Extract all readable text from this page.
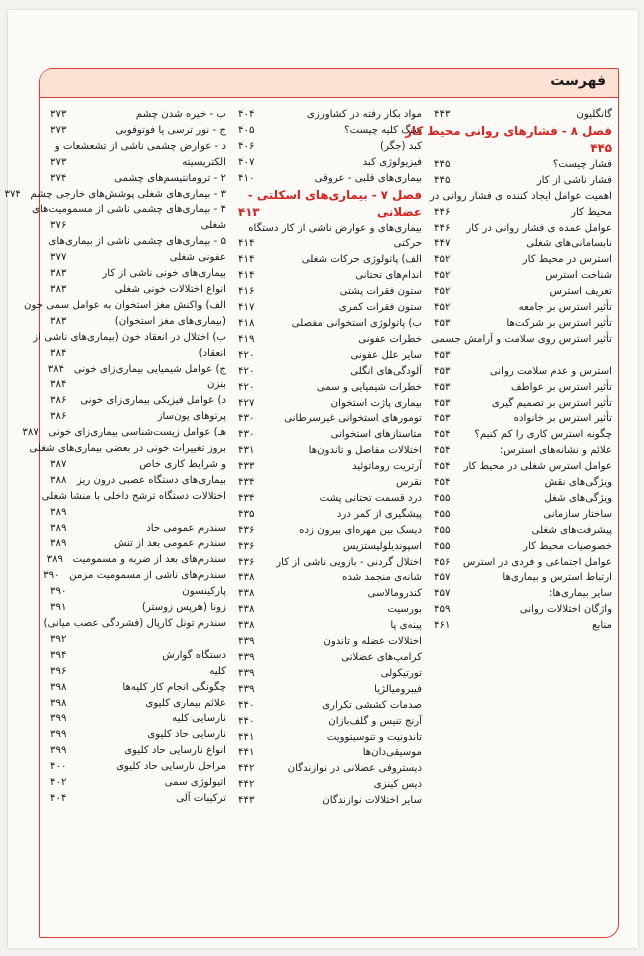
فهرست
ب - خیره شدن چشم
۳۷۳
ج - نور ترسی یا فوتوفوبی
۳۷۳
د - عوارض چشمی ناشی از تشعشعات و
الکتریسیته
۳۷۳
۲ - ترومانتیسم‌های چشمی
۳۷۴
۳ - بیماری‌های شغلی پوشش‌های خارجی چشم
۳۷۴
۴ - بیماری‌های چشمی ناشی از مسمومیت‌های
شغلی
۳۷۶
۵ - بیماری‌های چشمی ناشی از بیماری‌های
عفونی شغلی
۳۷۷
بیماری‌های خونی ناشی از کار
۳۸۳
انواع اختلالات خونی شغلی
۳۸۳
الف) واکنش مغز استخوان به عوامل سمی خون
(بیماری‌های مغز استخوان)
۳۸۳
ب) اختلال در انعقاد خون (بیماری‌های ناشی از
انعقاد)
۳۸۴
ج) عوامل شیمیایی بیماری‌زای خونی
۳۸۴
بنزن
۳۸۴
د) عوامل فیزیکی بیماری‌زای خونی
۳۸۶
پرتوهای یون‌ساز
۳۸۶
هـ) عوامل زیست‌شناسی بیماری‌زای خونی
۳۸۷
بروز تغییرات خونی در بعضی بیماری‌های شغلی
و شرایط کاری خاص
۳۸۷
بیماری‌های دستگاه عصبی درون ریز
۳۸۸
اختلالات دستگاه ترشح داخلی با منشا شغلی
۳۸۹
سندرم عمومی حاد
۳۸۹
سندرم عمومی بعد از تنش
۳۸۹
سندرم‌های بعد از ضربه و مسمومیت
۳۸۹
سندرم‌های ناشی از مسمومیت مزمن
۳۹۰
پارکینسون
۳۹۰
زونا (هرپس زوستر)
۳۹۱
سندرم تونل کارپال (فشردگی عصب میانی)
۳۹۲
دستگاه گوارش
۳۹۴
کلیه
۳۹۶
چگونگی انجام کار کلیه‌ها
۳۹۸
علائم بیماری کلیوی
۳۹۸
نارسایی کلیه
۳۹۹
نارسایی حاد کلیوی
۳۹۹
انواع نارسایی حاد کلیوی
۳۹۹
مراحل نارسایی حاد کلیوی
۴۰۰
اتیولوژی سمی
۴۰۲
ترکیبات آلی
۴۰۴
مواد بکار رفته در کشاورزی
۴۰۴
سنگ کلیه چیست؟
۴۰۵
کبد (جگر)
۴۰۶
فیزیولوژی کبد
۴۰۷
بیماری‌های قلبی - عروقی
۴۱۰
فصل ۷ - بیماری‌های اسکلتی -
عضلانی
۴۱۳
بیماری‌های و عوارض ناشی از کار دستگاه
حرکتی
۴۱۴
الف) پاتولوژی حرکات شغلی
۴۱۴
اندام‌های تحتانی
۴۱۴
ستون فقرات پشتی
۴۱۶
ستون فقرات کمری
۴۱۷
ب) پاتولوژی استخوانی مفصلی
۴۱۸
خطرات عفونی
۴۱۹
سایر علل عفونی
۴۲۰
آلودگی‌های انگلی
۴۲۰
خطرات شیمیایی و سمی
۴۲۰
بیماری پاژت استخوان
۴۲۷
تومورهای استخوانی غیرسرطانی
۴۳۰
متاستازهای استخوانی
۴۳۰
اختلالات مفاصل و تاندون‌ها
۴۳۱
آرتریت روماتوئید
۴۳۳
نقرس
۴۳۴
درد قسمت تحتانی پشت
۴۳۴
پیشگیری از کمر درد
۴۳۵
دیسک بین مهره‌ای بیرون زده
۴۳۶
اسپوندیلولیستزیس
۴۳۶
اختلال گردنی - بازویی ناشی از کار
۴۳۶
شانه‌ی منجمد شده
۴۳۸
کندرومالاسی
۴۳۸
بورسیت
۴۳۸
پینه‌ی پا
۴۳۸
اختلالات عضله و تاندون
۴۳۹
کرامپ‌های عضلانی
۴۳۹
تورتیکولی
۴۳۹
فیبرومیالژیا
۴۳۹
صدمات کششی تکراری
۴۴۰
آرنج تنیس و گلف‌بازان
۴۴۰
تاندونیت و تنوسینوویت
۴۴۱
موسیقی‌دان‌ها
۴۴۱
دیستروفی عضلانی در نوازندگان
۴۴۲
دیس کینزی
۴۴۲
سایر اختلالات نوازندگان
۴۴۳
گانگلیون
۴۴۳
فصل ۸ - فشارهای روانی محیط کار
۴۴۵
فشار چیست؟
۴۴۵
فشار ناشی از کار
۴۴۵
اهمیت عوامل ایجاد کننده ی فشار روانی در
محیط کار
۴۴۶
عوامل عمده ی فشار روانی در کار
۴۴۶
نابسامانی‌های شغلی
۴۴۷
استرس در محیط کار
۴۵۲
شناخت استرس
۴۵۲
تعریف استرس
۴۵۲
تأثیر استرس بر جامعه
۴۵۲
تأثیر استرس بر شرکت‌ها
۴۵۳
تأثیر استرس روی سلامت و آرامش جسمی
۴۵۳
استرس و عدم سلامت روانی
۴۵۳
تأثیر استرس بر عواطف
۴۵۳
تأثیر استرس بر تصمیم گیری
۴۵۳
تأثیر استرس بر خانواده
۴۵۳
چگونه استرس کاری را کم کنیم؟
۴۵۴
علائم و نشانه‌های استرس:
۴۵۴
عوامل استرس شغلی در محیط کار
۴۵۴
ویژگی‌های نقش
۴۵۴
ویژگی‌های شغل
۴۵۵
ساختار سازمانی
۴۵۵
پیشرفت‌های شغلی
۴۵۵
خصوصیات محیط کار
۴۵۵
عوامل اجتماعی و فردی در استرس
۴۵۶
ارتباط استرس و بیماری‌ها
۴۵۷
سایر بیماری‌ها:
۴۵۷
واژگان اختلالات روانی
۴۵۹
منابع
۴۶۱
